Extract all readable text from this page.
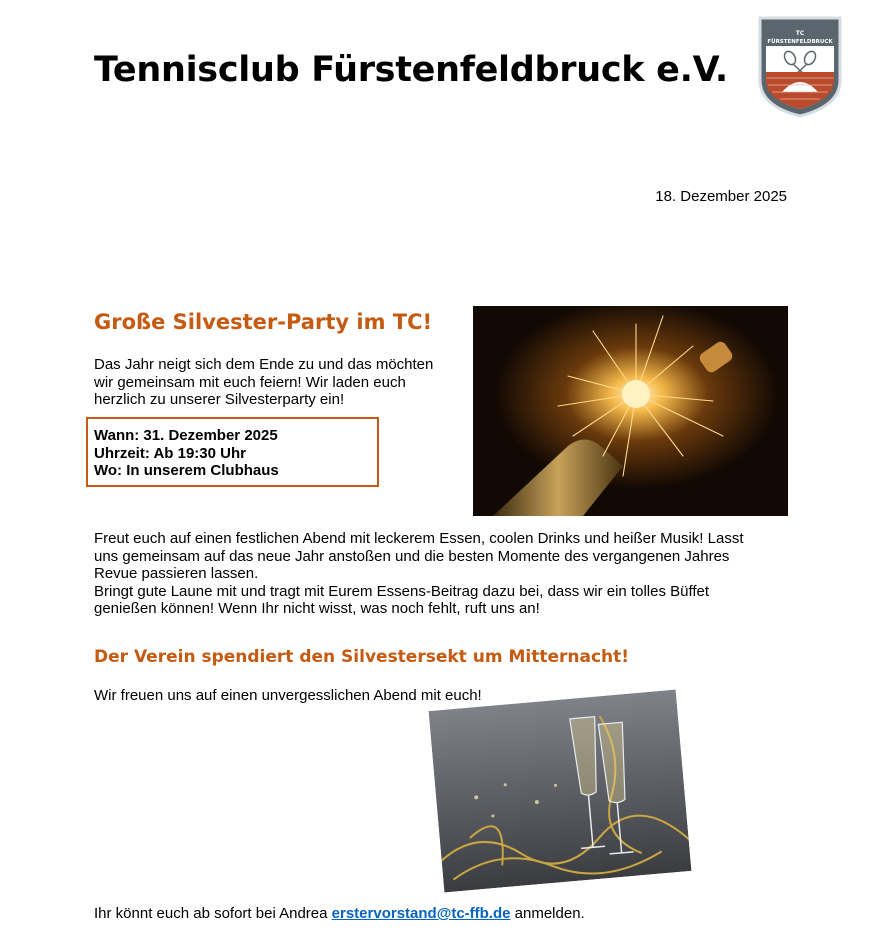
Tennisclub Fürstenfeldbruck e.V.
TC
FÜRSTENFELDBRUCK
18. Dezember 2025
Große Silvester-Party im TC!

Das Jahr neigt sich dem Ende zu und das möchten wir gemeinsam mit euch feiern! Wir laden euch herzlich zu unserer Silvesterparty ein!

Wann: 31. Dezember 2025
Uhrzeit: Ab 19:30 Uhr
Wo: In unserem Clubhaus

Freut euch auf einen festlichen Abend mit leckerem Essen, coolen Drinks und heißer Musik! Lasst uns gemeinsam auf das neue Jahr anstoßen und die besten Momente des vergangenen Jahres Revue passieren lassen.

Bringt gute Laune mit und tragt mit Eurem Essens-Beitrag dazu bei, dass wir ein tolles Büffet genießen können! Wenn Ihr nicht wisst, was noch fehlt, ruft uns an!

Der Verein spendiert den Silvestersekt um Mitternacht!

Wir freuen uns auf einen unvergesslichen Abend mit euch!

Ihr könnt euch ab sofort bei Andrea erstervorstand@tc-ffb.de anmelden.
